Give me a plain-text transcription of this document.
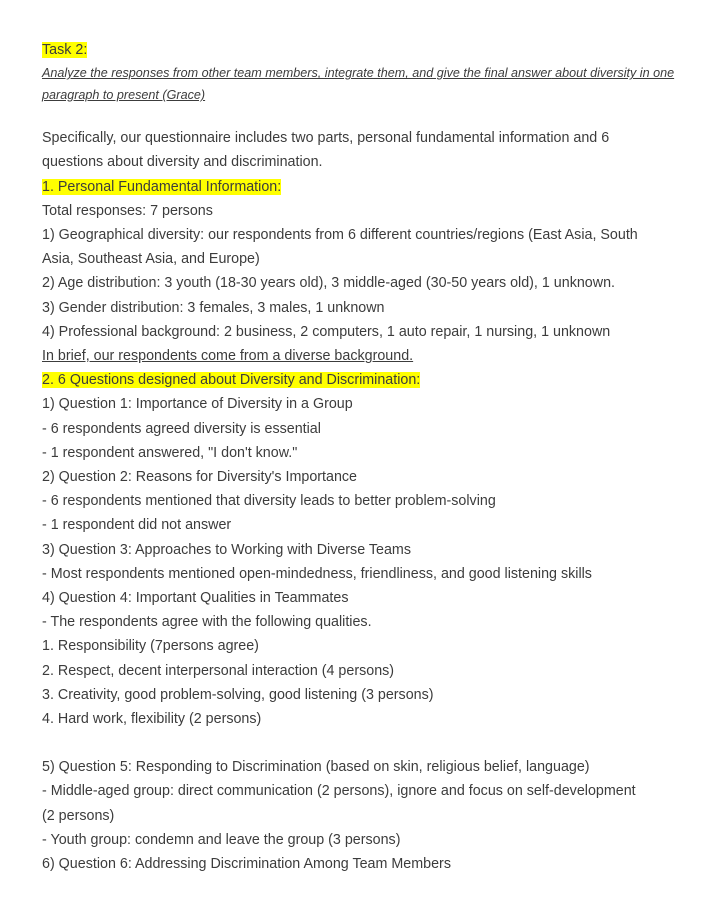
Task 2:
Analyze the responses from other team members, integrate them, and give the final answer about diversity in one paragraph to present (Grace)
Specifically, our questionnaire includes two parts, personal fundamental information and 6 questions about diversity and discrimination.
1. Personal Fundamental Information:
Total responses: 7 persons
1) Geographical diversity: our respondents from 6 different countries/regions (East Asia, South Asia, Southeast Asia, and Europe)
2) Age distribution: 3 youth (18-30 years old), 3 middle-aged (30-50 years old), 1 unknown.
3) Gender distribution: 3 females, 3 males, 1 unknown
4) Professional background: 2 business, 2 computers, 1 auto repair, 1 nursing, 1 unknown
In brief, our respondents come from a diverse background.
2. 6 Questions designed about Diversity and Discrimination:
1) Question 1: Importance of Diversity in a Group
- 6 respondents agreed diversity is essential
- 1 respondent answered, "I don't know."
2) Question 2: Reasons for Diversity's Importance
- 6 respondents mentioned that diversity leads to better problem-solving
- 1 respondent did not answer
3) Question 3: Approaches to Working with Diverse Teams
- Most respondents mentioned open-mindedness, friendliness, and good listening skills
4) Question 4: Important Qualities in Teammates
- The respondents agree with the following qualities.
1. Responsibility (7persons agree)
2. Respect, decent interpersonal interaction (4 persons)
3. Creativity, good problem-solving, good listening (3 persons)
4. Hard work, flexibility (2 persons)
5) Question 5: Responding to Discrimination (based on skin, religious belief, language)
- Middle-aged group: direct communication (2 persons), ignore and focus on self-development (2 persons)
- Youth group: condemn and leave the group (3 persons)
6) Question 6: Addressing Discrimination Among Team Members
